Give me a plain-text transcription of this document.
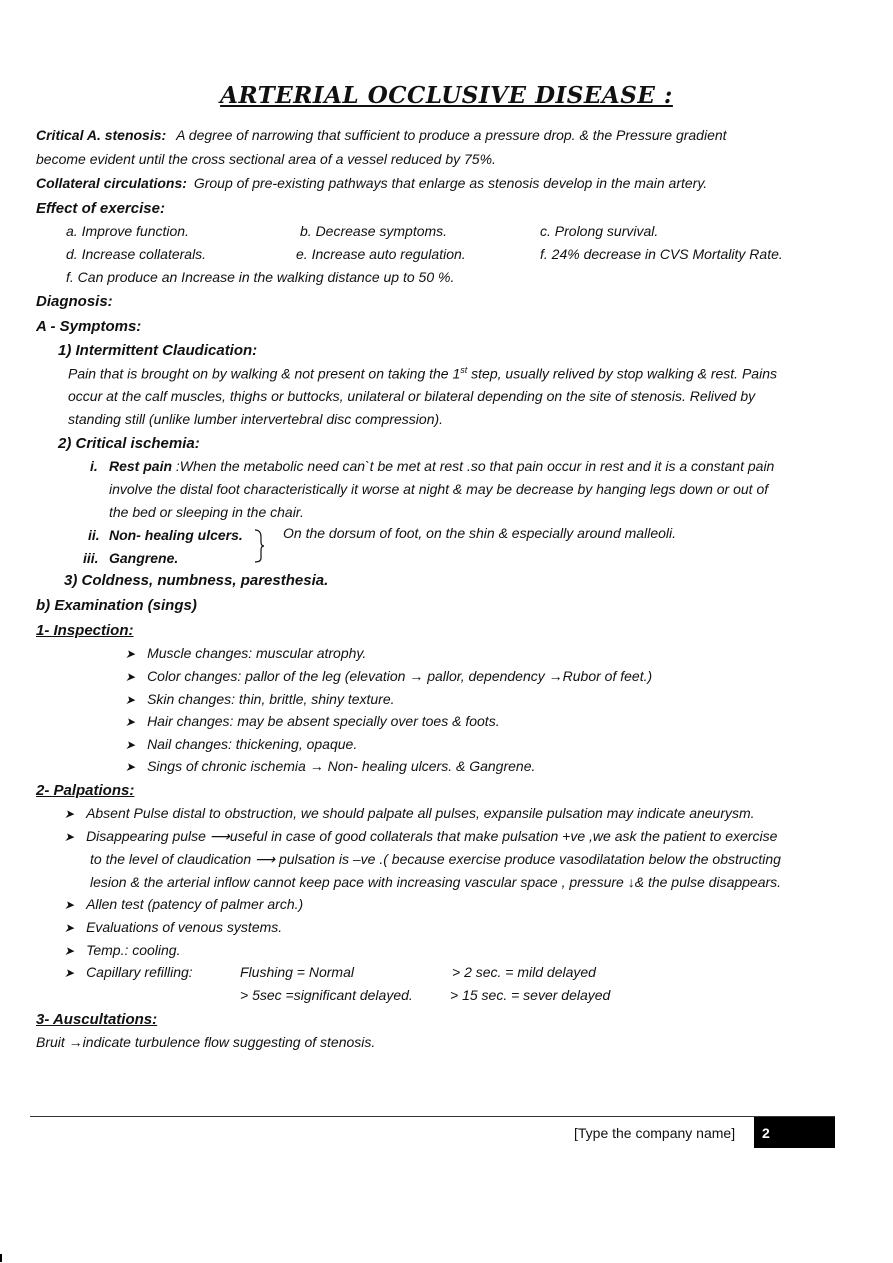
ARTERIAL OCCLUSIVE DISEASE :
Critical A. stenosis: A degree of narrowing that sufficient to produce a pressure drop. & the Pressure gradient
become evident until the cross sectional area of a vessel reduced by 75%.
Collateral circulations: Group of pre-existing pathways that enlarge as stenosis develop in the main artery.
Effect of exercise:
a. Improve function.	b. Decrease symptoms.	c. Prolong survival.
d. Increase collaterals.	e. Increase auto regulation.	f. 24% decrease in CVS Mortality Rate.
f. Can produce an Increase in the walking distance up to 50 %.
Diagnosis:
A - Symptoms:
1) Intermittent Claudication:
Pain that is brought on by walking & not present on taking the 1st step, usually relived by stop walking & rest. Pains
occur at the calf muscles, thighs or buttocks, unilateral or bilateral depending on the site of stenosis. Relived by
standing still (unlike lumber intervertebral disc compression).
2) Critical ischemia:
i. Rest pain :When the metabolic need can`t be met at rest .so that pain occur in rest and it is a constant pain
involve the distal foot characteristically it worse at night & may be decrease by hanging legs down or out of
the bed or sleeping in the chair.
ii. Non- healing ulcers.
iii. Gangrene.
On the dorsum of foot, on the shin & especially around malleoli.
3) Coldness, numbness, paresthesia.
b) Examination (sings)
1- Inspection:
➤ Muscle changes: muscular atrophy.
➤ Color changes: pallor of the leg (elevation → pallor, dependency →Rubor of feet.)
➤ Skin changes: thin, brittle, shiny texture.
➤ Hair changes: may be absent specially over toes & foots.
➤ Nail changes: thickening, opaque.
➤ Sings of chronic ischemia → Non- healing ulcers. & Gangrene.
2- Palpations:
➤ Absent Pulse distal to obstruction, we should palpate all pulses, expansile pulsation may indicate aneurysm.
➤ Disappearing pulse ⟶useful in case of good collaterals that make pulsation +ve ,we ask the patient to exercise
to the level of claudication ⟶ pulsation is –ve .( because exercise produce vasodilatation below the obstructing
lesion & the arterial inflow cannot keep pace with increasing vascular space , pressure ↓& the pulse disappears.
➤ Allen test (patency of palmer arch.)
➤ Evaluations of venous systems.
➤ Temp.: cooling.
➤ Capillary refilling:	Flushing = Normal	> 2 sec. = mild delayed
> 5sec =significant delayed.	> 15 sec. = sever delayed
3- Auscultations:
Bruit →indicate turbulence flow suggesting of stenosis.
[Type the company name] 2
